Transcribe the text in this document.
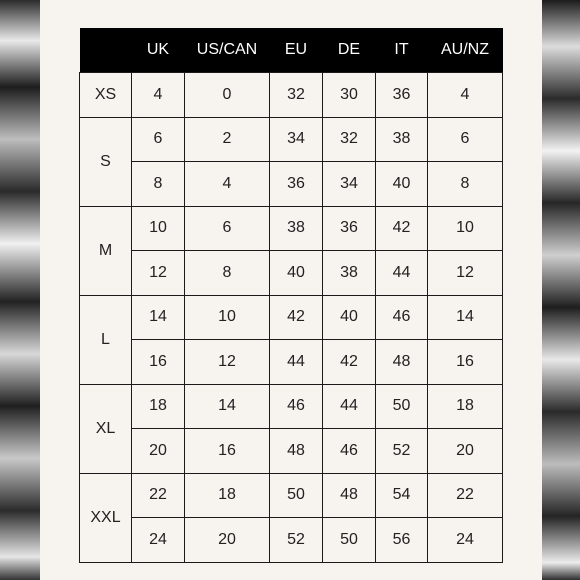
	UK	US/CAN	EU	DE	IT	AU/NZ
XS	4	0	32	30	36	4
S	6	2	34	32	38	6
	8	4	36	34	40	8
M	10	6	38	36	42	10
	12	8	40	38	44	12
L	14	10	42	40	46	14
	16	12	44	42	48	16
XL	18	14	46	44	50	18
	20	16	48	46	52	20
XXL	22	18	50	48	54	22
	24	20	52	50	56	24
